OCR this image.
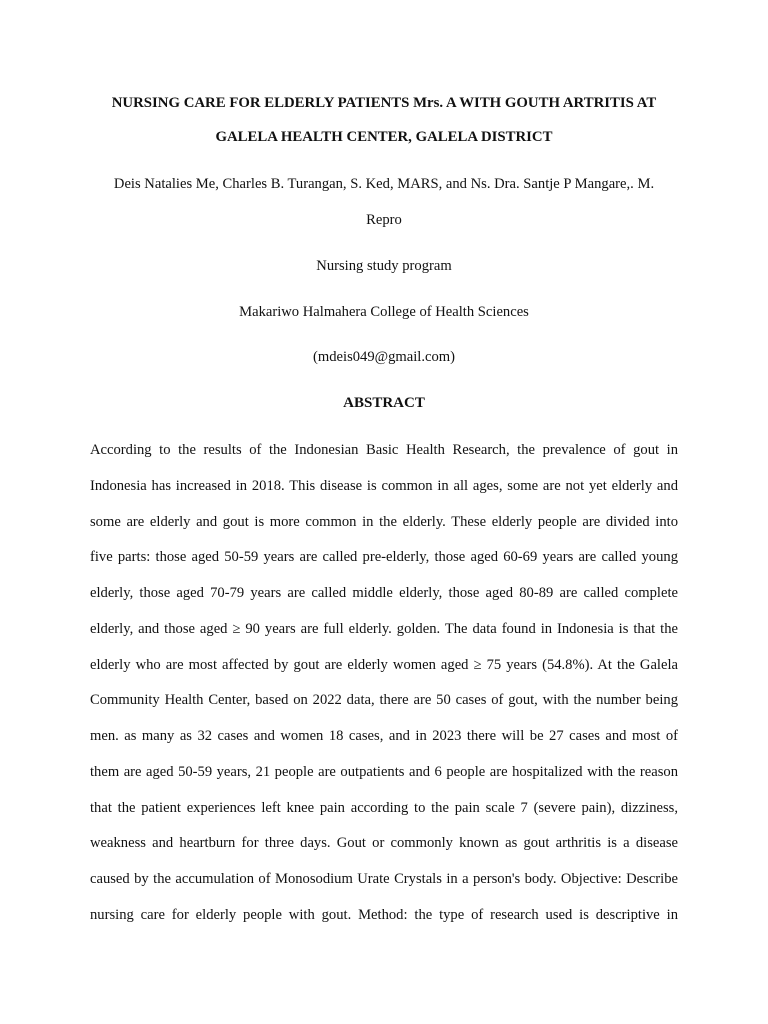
NURSING CARE FOR ELDERLY PATIENTS Mrs. A WITH GOUTH ARTRITIS AT
GALELA HEALTH CENTER, GALELA DISTRICT
Deis Natalies Me, Charles B. Turangan, S. Ked, MARS, and Ns. Dra. Santje P Mangare,. M.
Repro
Nursing study program
Makariwo Halmahera College of Health Sciences
(mdeis049@gmail.com)
ABSTRACT
According to the results of the Indonesian Basic Health Research, the prevalence of gout in
Indonesia has increased in 2018. This disease is common in all ages, some are not yet elderly and
some are elderly and gout is more common in the elderly. These elderly people are divided into
five parts: those aged 50-59 years are called pre-elderly, those aged 60-69 years are called young
elderly, those aged 70-79 years are called middle elderly, those aged 80-89 are called complete
elderly, and those aged ≥ 90 years are full elderly. golden. The data found in Indonesia is that the
elderly who are most affected by gout are elderly women aged ≥ 75 years (54.8%). At the Galela
Community Health Center, based on 2022 data, there are 50 cases of gout, with the number being
men. as many as 32 cases and women 18 cases, and in 2023 there will be 27 cases and most of
them are aged 50-59 years, 21 people are outpatients and 6 people are hospitalized with the reason
that the patient experiences left knee pain according to the pain scale 7 (severe pain), dizziness,
weakness and heartburn for three days. Gout or commonly known as gout arthritis is a disease
caused by the accumulation of Monosodium Urate Crystals in a person's body. Objective: Describe
nursing care for elderly people with gout. Method: the type of research used is descriptive in
